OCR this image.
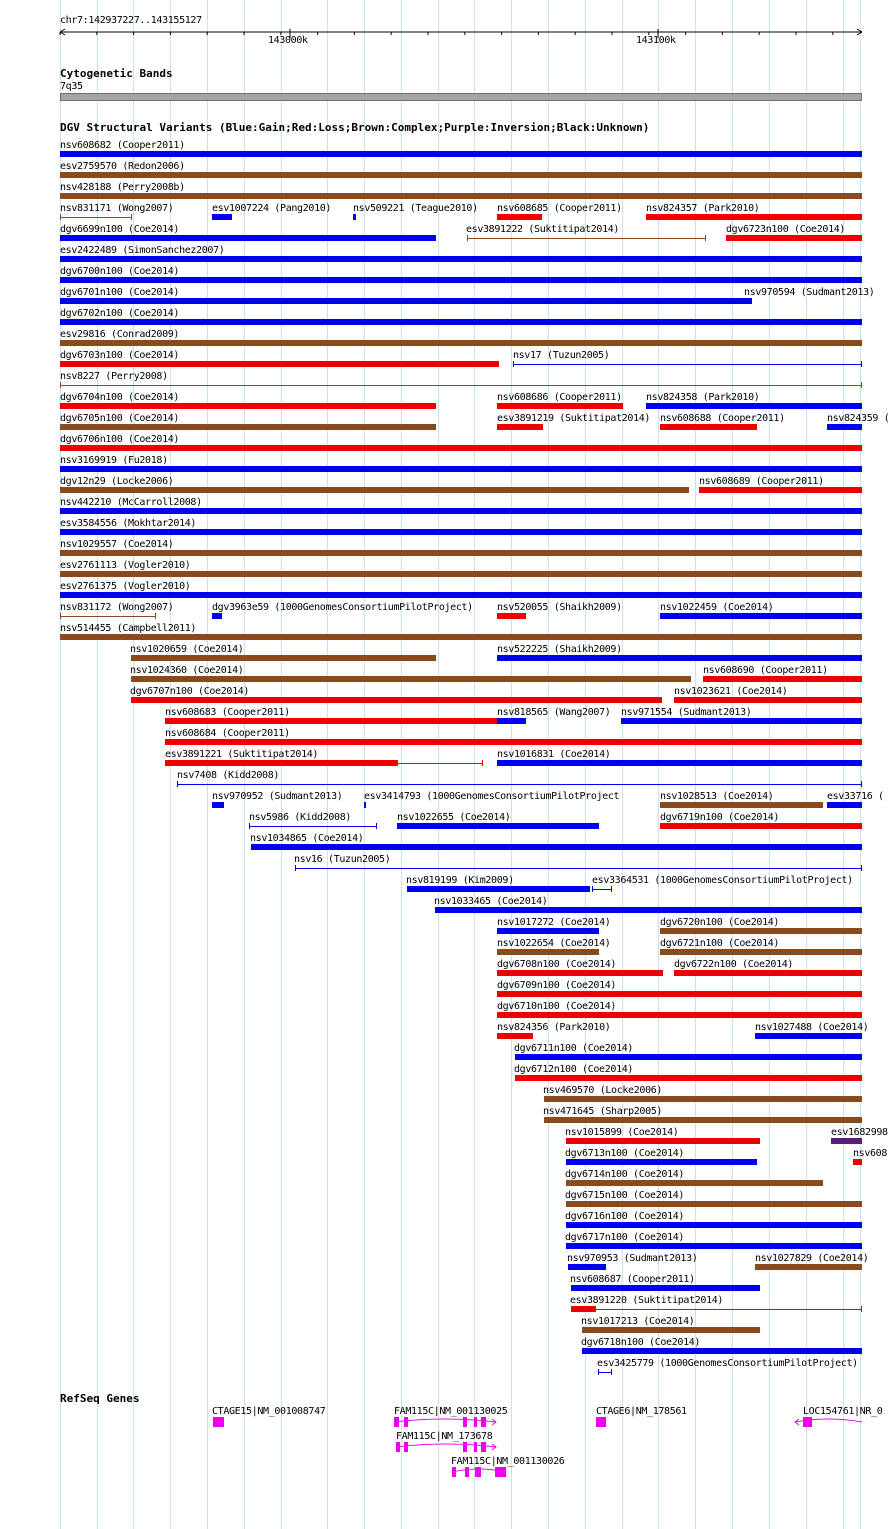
chr7:142937227..143155127
143000k	143100k
Cytogenetic Bands
7q35
DGV Structural Variants (Blue:Gain;Red:Loss;Brown:Complex;Purple:Inversion;Black:Unknown)
nsv608682 (Cooper2011)
esv2759570 (Redon2006)
nsv428188 (Perry2008b)
nsv831171 (Wong2007)	esv1007224 (Pang2010) nsv509221 (Teague2010) nsv608685 (Cooper2011) nsv824357 (Park2010)
dgv6699n100 (Coe2014)	esv3891222 (Suktitipat2014)	dgv6723n100 (Coe2014)
esv2422489 (SimonSanchez2007)
dgv6700n100 (Coe2014)
dgv6701n100 (Coe2014)	nsv970594 (Sudmant2013)
dgv6702n100 (Coe2014)
esv29816 (Conrad2009)
dgv6703n100 (Coe2014)	nsv17 (Tuzun2005)
nsv8227 (Perry2008)
dgv6704n100 (Coe2014)	nsv608686 (Cooper2011) nsv824358 (Park2010)
dgv6705n100 (Coe2014)	esv3891219 (Suktitipat2014) nsv608688 (Cooper2011)	nsv824359 (
dgv6706n100 (Coe2014)
nsv3169919 (Fu2018)
dgv12n29 (Locke2006)	nsv608689 (Cooper2011)
nsv442210 (McCarroll2008)
esv3584556 (Mokhtar2014)
nsv1029557 (Coe2014)
esv2761113 (Vogler2010)
esv2761375 (Vogler2010)
nsv831172 (Wong2007)	dgv3963e59 (1000GenomesConsortiumPilotProject) nsv520055 (Shaikh2009)	nsv1022459 (Coe2014)
nsv514455 (Campbell2011)
nsv1020659 (Coe2014)	nsv522225 (Shaikh2009)
nsv1024360 (Coe2014)	nsv608690 (Cooper2011)
dgv6707n100 (Coe2014)	nsv1023621 (Coe2014)
nsv608683 (Cooper2011)	nsv818565 (Wang2007) nsv971554 (Sudmant2013)
nsv608684 (Cooper2011)
esv3891221 (Suktitipat2014)	nsv1016831 (Coe2014)
nsv7408 (Kidd2008)
nsv970952 (Sudmant2013) esv3414793 (1000GenomesConsortiumPilotProject	nsv1028513 (Coe2014)	esv33716 (
nsv5986 (Kidd2008)	nsv1022655 (Coe2014)	dgv6719n100 (Coe2014)
nsv1034865 (Coe2014)
nsv16 (Tuzun2005)
nsv819199 (Kim2009)	esv3364531 (1000GenomesConsortiumPilotProject)
nsv1033465 (Coe2014)
nsv1017272 (Coe2014)	dgv6720n100 (Coe2014)
nsv1022654 (Coe2014)	dgv6721n100 (Coe2014)
dgv6708n100 (Coe2014)	dgv6722n100 (Coe2014)
dgv6709n100 (Coe2014)
dgv6710n100 (Coe2014)
nsv824356 (Park2010)	nsv1027488 (Coe2014)
dgv6711n100 (Coe2014)
dgv6712n100 (Coe2014)
nsv469570 (Locke2006)
nsv471645 (Sharp2005)
nsv1015899 (Coe2014)	esv1682998
dgv6713n100 (Coe2014)	nsv608
dgv6714n100 (Coe2014)
dgv6715n100 (Coe2014)
dgv6716n100 (Coe2014)
dgv6717n100 (Coe2014)
nsv970953 (Sudmant2013)	nsv1027829 (Coe2014)
nsv608687 (Cooper2011)
esv3891220 (Suktitipat2014)
nsv1017213 (Coe2014)
dgv6718n100 (Coe2014)
esv3425779 (1000GenomesConsortiumPilotProject)
RefSeq Genes
CTAGE15|NM_001008747	FAM115C|NM_001130025
FAM115C|NM_173678
FAM115C|NM_001130026
CTAGE6|NM_178561	LOC154761|NR_0
